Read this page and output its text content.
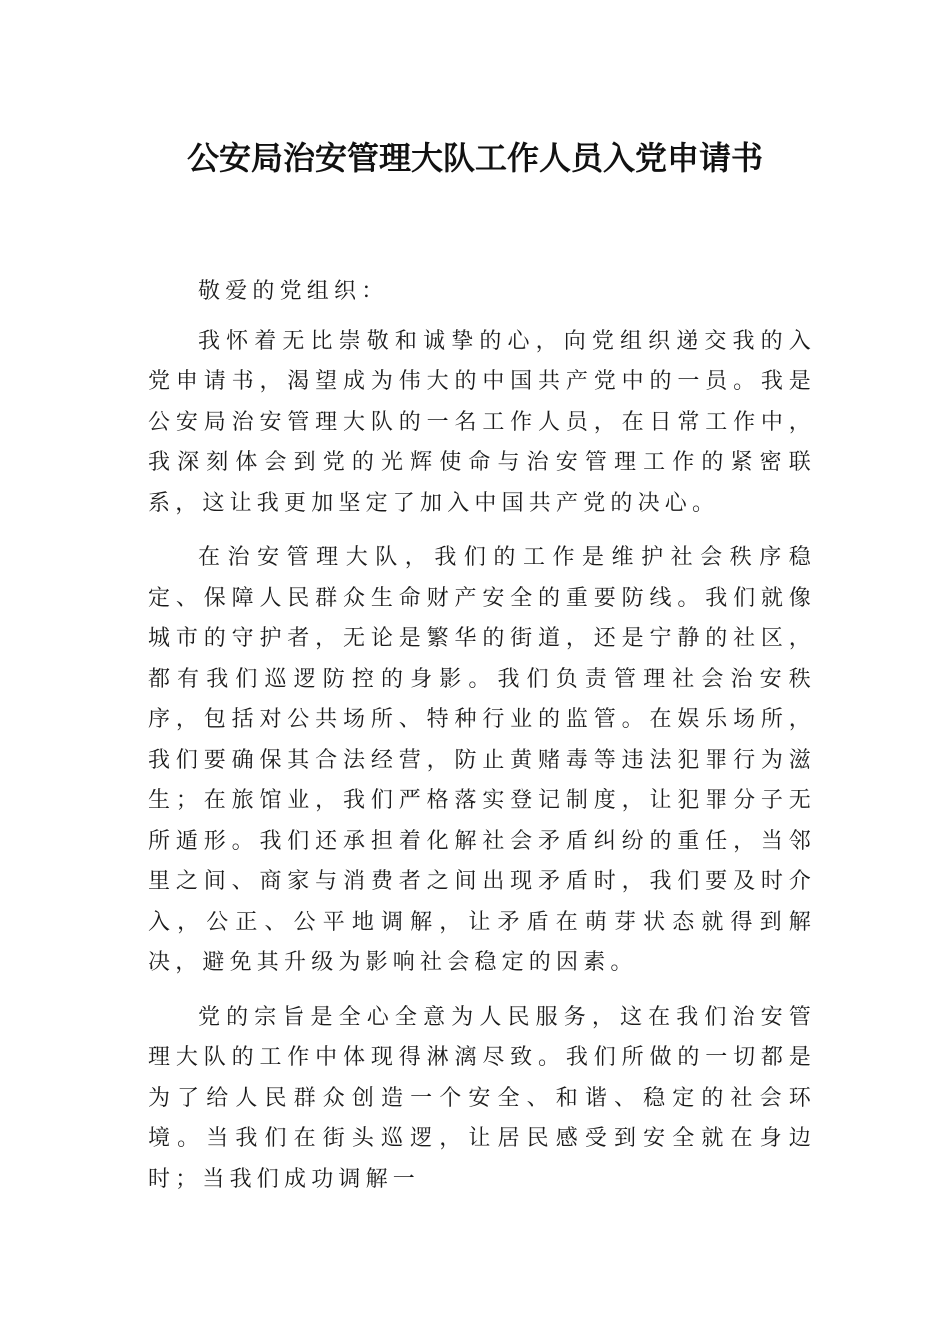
公安局治安管理大队工作人员入党申请书

敬爱的党组织：

我怀着无比崇敬和诚挚的心，向党组织递交我的入党申请书，渴望成为伟大的中国共产党中的一员。我是公安局治安管理大队的一名工作人员，在日常工作中，我深刻体会到党的光辉使命与治安管理工作的紧密联系，这让我更加坚定了加入中国共产党的决心。

在治安管理大队，我们的工作是维护社会秩序稳定、保障人民群众生命财产安全的重要防线。我们就像城市的守护者，无论是繁华的街道，还是宁静的社区，都有我们巡逻防控的身影。我们负责管理社会治安秩序，包括对公共场所、特种行业的监管。在娱乐场所，我们要确保其合法经营，防止黄赌毒等违法犯罪行为滋生；在旅馆业，我们严格落实登记制度，让犯罪分子无所遁形。我们还承担着化解社会矛盾纠纷的重任，当邻里之间、商家与消费者之间出现矛盾时，我们要及时介入，公正、公平地调解，让矛盾在萌芽状态就得到解决，避免其升级为影响社会稳定的因素。

党的宗旨是全心全意为人民服务，这在我们治安管理大队的工作中体现得淋漓尽致。我们所做的一切都是为了给人民群众创造一个安全、和谐、稳定的社会环境。当我们在街头巡逻，让居民感受到安全就在身边时；当我们成功调解一
